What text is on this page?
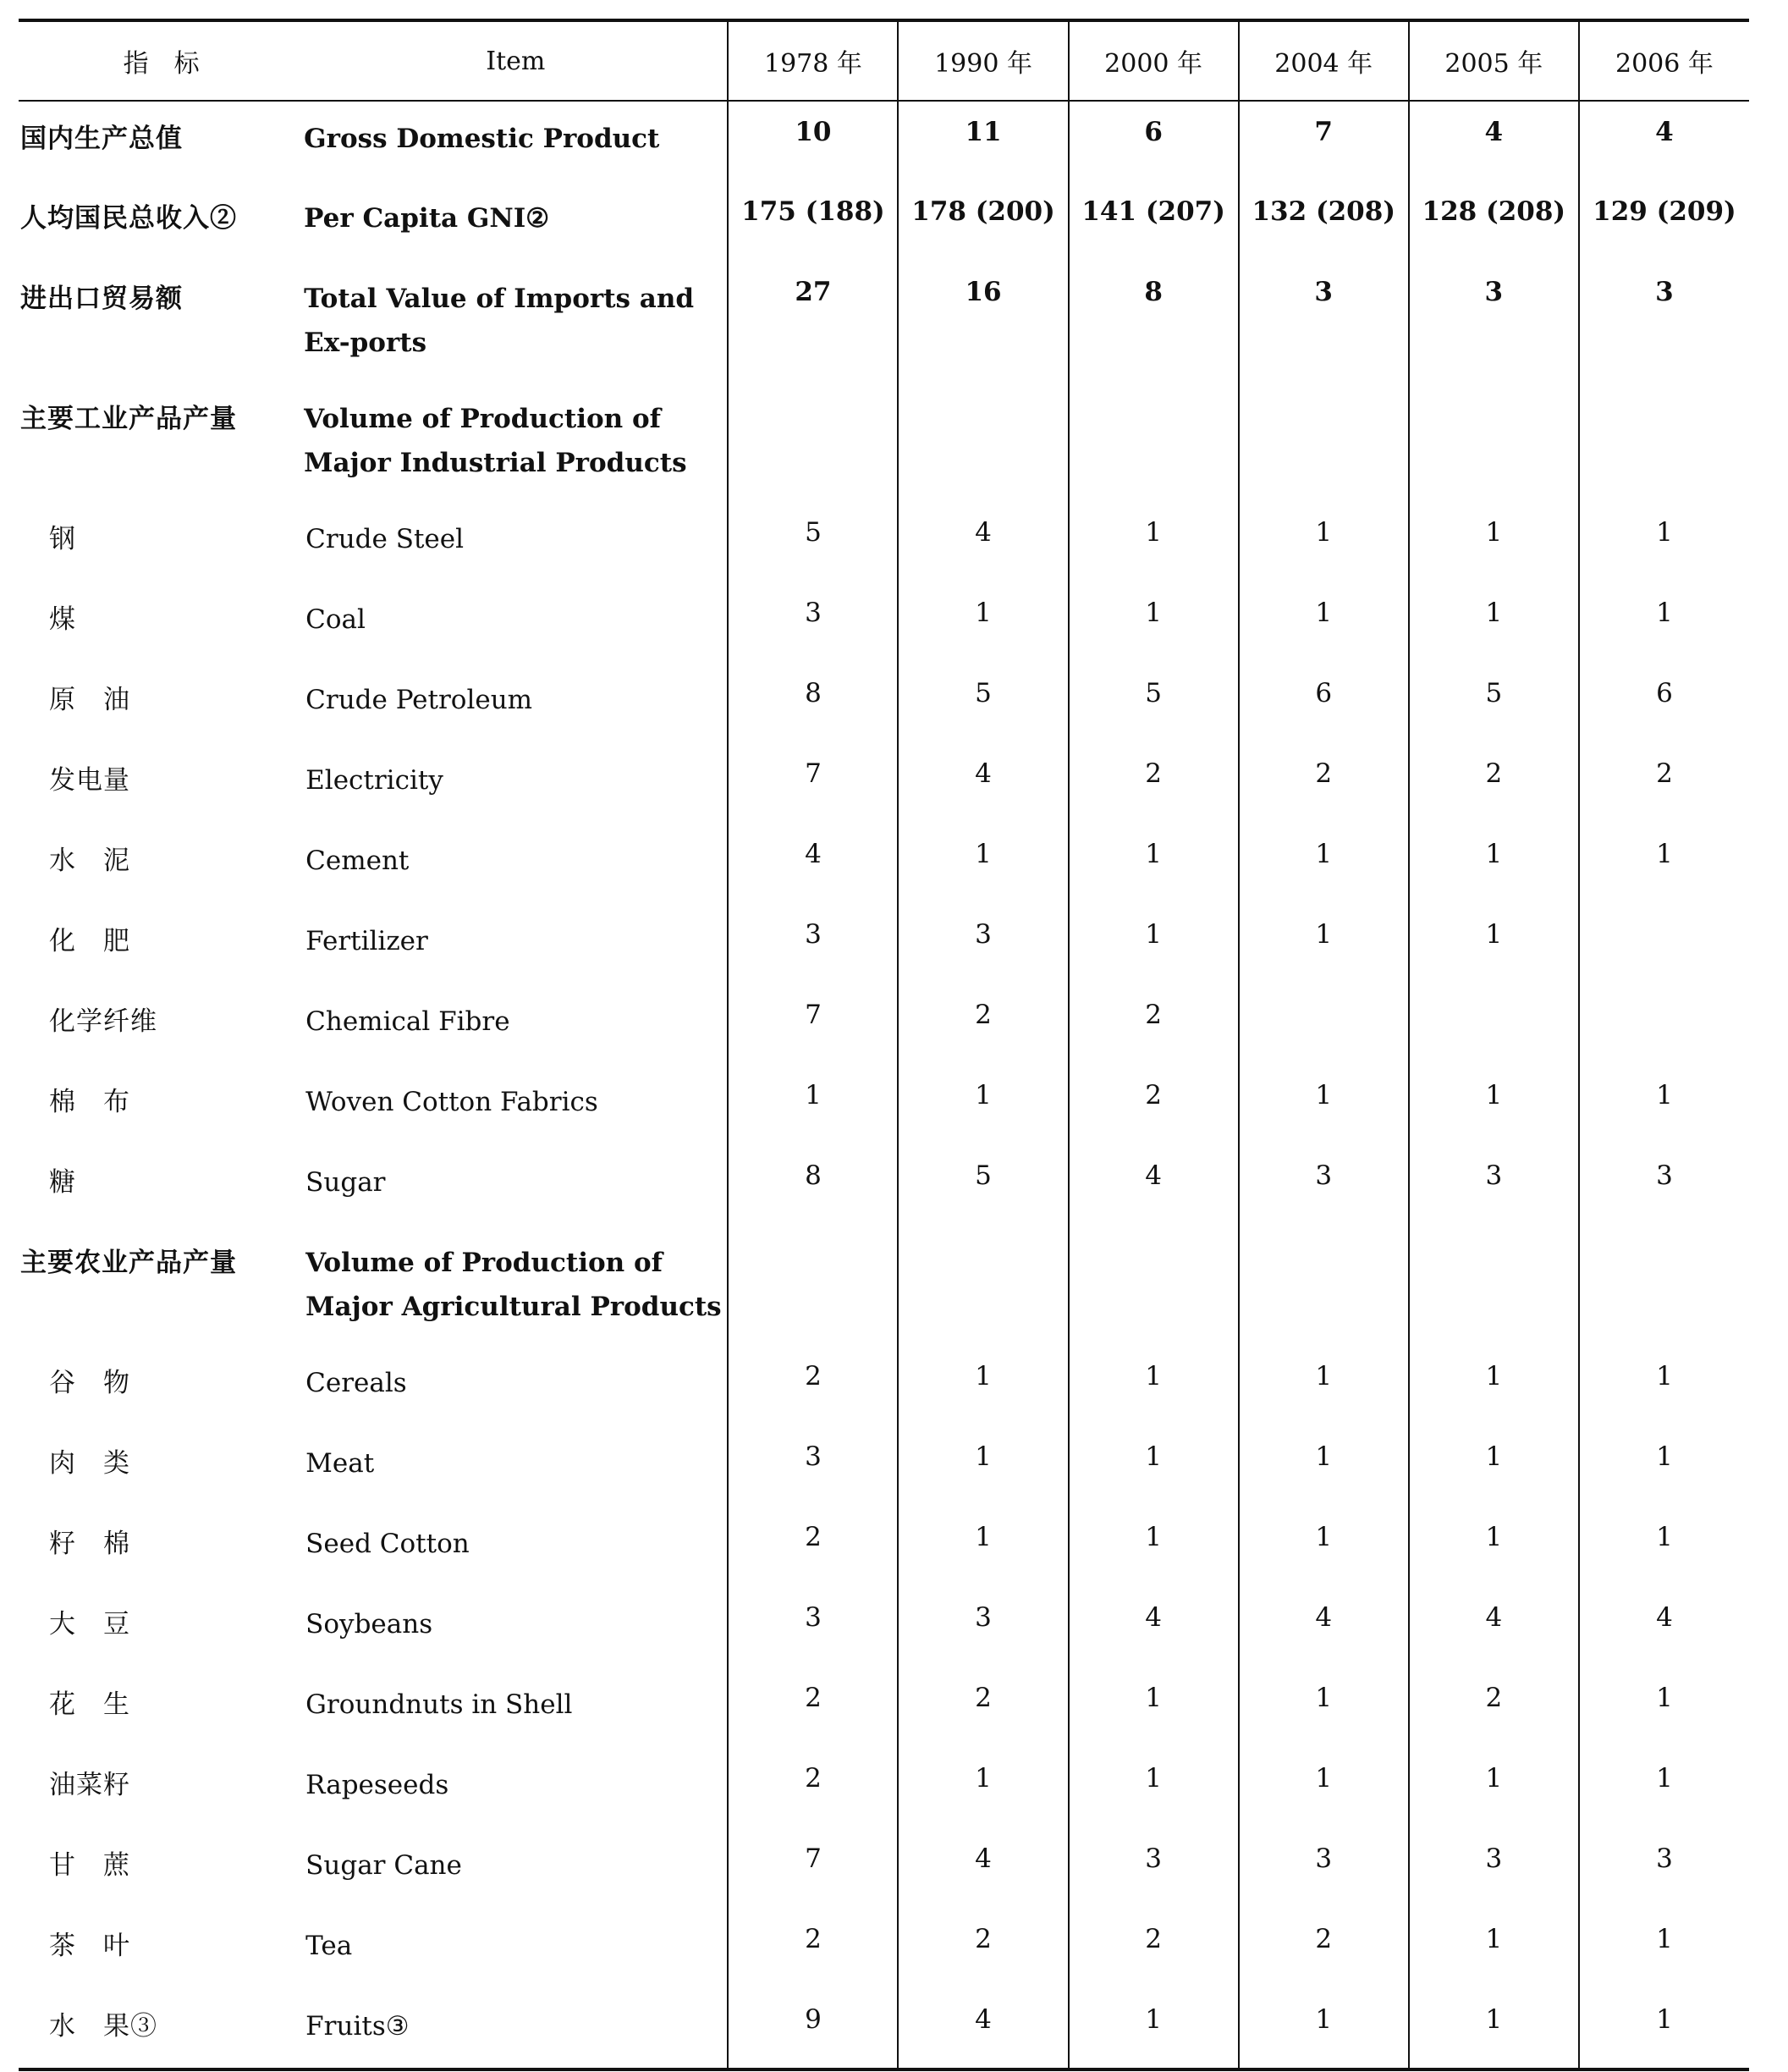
指　标	Item	1978 年	1990 年	2000 年	2004 年	2005 年	2006 年
国内生产总值	Gross Domestic Product	10	11	6	7	4	4
人均国民总收入②	Per Capita GNI②	175 (188)	178 (200)	141 (207)	132 (208)	128 (208)	129 (209)
进出口贸易额	Total Value of Imports and Ex-ports	27	16	8	3	3	3
主要工业产品产量	Volume of Production of Major Industrial Products						
钢	Crude Steel	5	4	1	1	1	1
煤	Coal	3	1	1	1	1	1
原　油	Crude Petroleum	8	5	5	6	5	6
发电量	Electricity	7	4	2	2	2	2
水　泥	Cement	4	1	1	1	1	1
化　肥	Fertilizer	3	3	1	1	1	
化学纤维	Chemical Fibre	7	2	2			
棉　布	Woven Cotton Fabrics	1	1	2	1	1	1
糖	Sugar	8	5	4	3	3	3
主要农业产品产量	Volume of Production of Major Agricultural Products						
谷　物	Cereals	2	1	1	1	1	1
肉　类	Meat	3	1	1	1	1	1
籽　棉	Seed Cotton	2	1	1	1	1	1
大　豆	Soybeans	3	3	4	4	4	4
花　生	Groundnuts in Shell	2	2	1	1	2	1
油菜籽	Rapeseeds	2	1	1	1	1	1
甘　蔗	Sugar Cane	7	4	3	3	3	3
茶　叶	Tea	2	2	2	2	1	1
水　果③	Fruits③	9	4	1	1	1	1
